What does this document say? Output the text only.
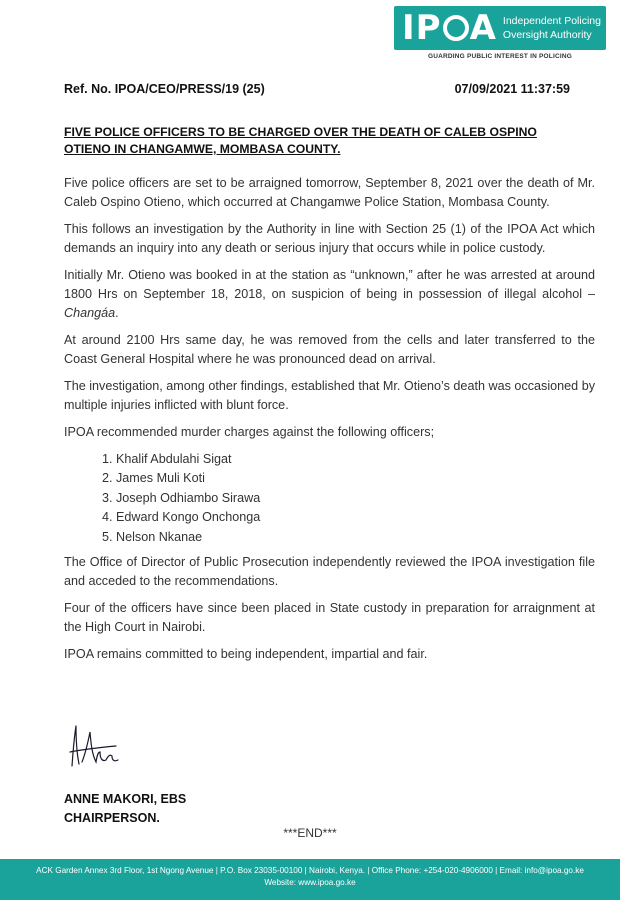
IP A Independent Policing
Oversight Authority
GUARDING PUBLIC INTEREST IN POLICING
Ref. No. IPOA/CEO/PRESS/19 (25)	07/09/2021 11:37:59
FIVE POLICE OFFICERS TO BE CHARGED OVER THE DEATH OF CALEB OSPINO OTIENO IN CHANGAMWE, MOMBASA COUNTY.

Five police officers are set to be arraigned tomorrow, September 8, 2021 over the death of Mr. Caleb Ospino Otieno, which occurred at Changamwe Police Station, Mombasa County.

This follows an investigation by the Authority in line with Section 25 (1) of the IPOA Act which demands an inquiry into any death or serious injury that occurs while in police custody.

Initially Mr. Otieno was booked in at the station as “unknown,” after he was arrested at around 1800 Hrs on September 18, 2018, on suspicion of being in possession of illegal alcohol – Changáa.

At around 2100 Hrs same day, he was removed from the cells and later transferred to the Coast General Hospital where he was pronounced dead on arrival.

The investigation, among other findings, established that Mr. Otieno’s death was occasioned by multiple injuries inflicted with blunt force.

IPOA recommended murder charges against the following officers;

1. Khalif Abdulahi Sigat
2. James Muli Koti
3. Joseph Odhiambo Sirawa
4. Edward Kongo Onchonga
5. Nelson Nkanae

The Office of Director of Public Prosecution independently reviewed the IPOA investigation file and acceded to the recommendations.

Four of the officers have since been placed in State custody in preparation for arraignment at the High Court in Nairobi.

IPOA remains committed to being independent, impartial and fair.

ANNE MAKORI, EBS
CHAIRPERSON.
***END***
ACK Garden Annex 3rd Floor, 1st Ngong Avenue | P.O. Box 23035-00100 | Nairobi, Kenya. | Office Phone: +254-020-4906000 | Email: info@ipoa.go.ke
Website: www.ipoa.go.ke
